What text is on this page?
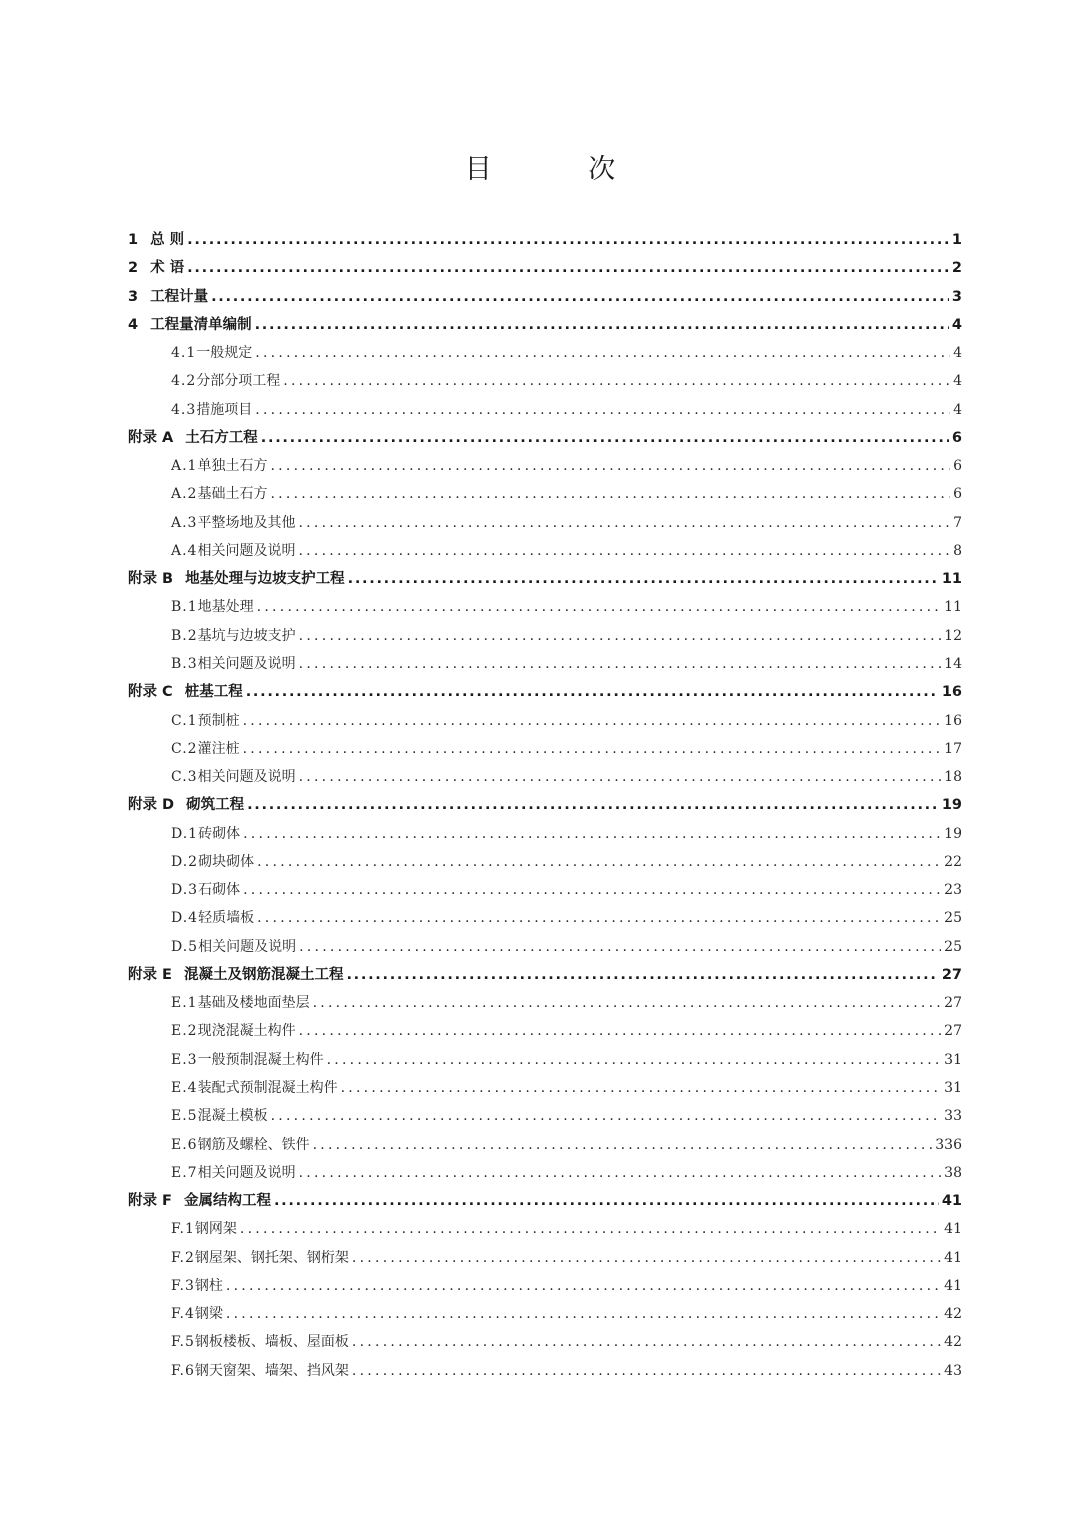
目 次
1 总 则 .....	1
2 术 语 .....	2
3 工程计量 .....	3
4 工程量清单编制 .....	4
4.1 一般规定 . . .	4
4.2 分部分项工程 . . .	4
4.3 措施项目 . . .	4
附录 A 土石方工程 .....	6
A.1 单独土石方 . . .	6
A.2 基础土石方 . . .	6
A.3 平整场地及其他 . . .	7
A.4 相关问题及说明 . . .	8
附录 B 地基处理与边坡支护工程 .....	11
B.1 地基处理 . . .	11
B.2 基坑与边坡支护 . . .	12
B.3 相关问题及说明 . . .	14
附录 C 桩基工程 .....	16
C.1 预制桩 . . .	16
C.2 灌注桩 . . .	17
C.3 相关问题及说明 . . .	18
附录 D 砌筑工程 .....	19
D.1 砖砌体 . . .	19
D.2 砌块砌体 . . .	22
D.3 石砌体 . . .	23
D.4 轻质墙板 . . .	25
D.5 相关问题及说明 . . .	25
附录 E 混凝土及钢筋混凝土工程 .....	27
E.1 基础及楼地面垫层 . . .	27
E.2 现浇混凝土构件 . . .	27
E.3 一般预制混凝土构件 . . .	31
E.4 装配式预制混凝土构件 . . .	31
E.5 混凝土模板 . . .	33
E.6 钢筋及螺栓、铁件 . . .	336
E.7 相关问题及说明 . . .	38
附录 F 金属结构工程 .....	41
F.1 钢网架 . . .	41
F.2 钢屋架、钢托架、钢桁架 . . .	41
F.3 钢柱 . . .	41
F.4 钢梁 . . .	42
F.5 钢板楼板、墙板、屋面板 . . .	42
F.6 钢天窗架、墙架、挡风架 . . .	43
